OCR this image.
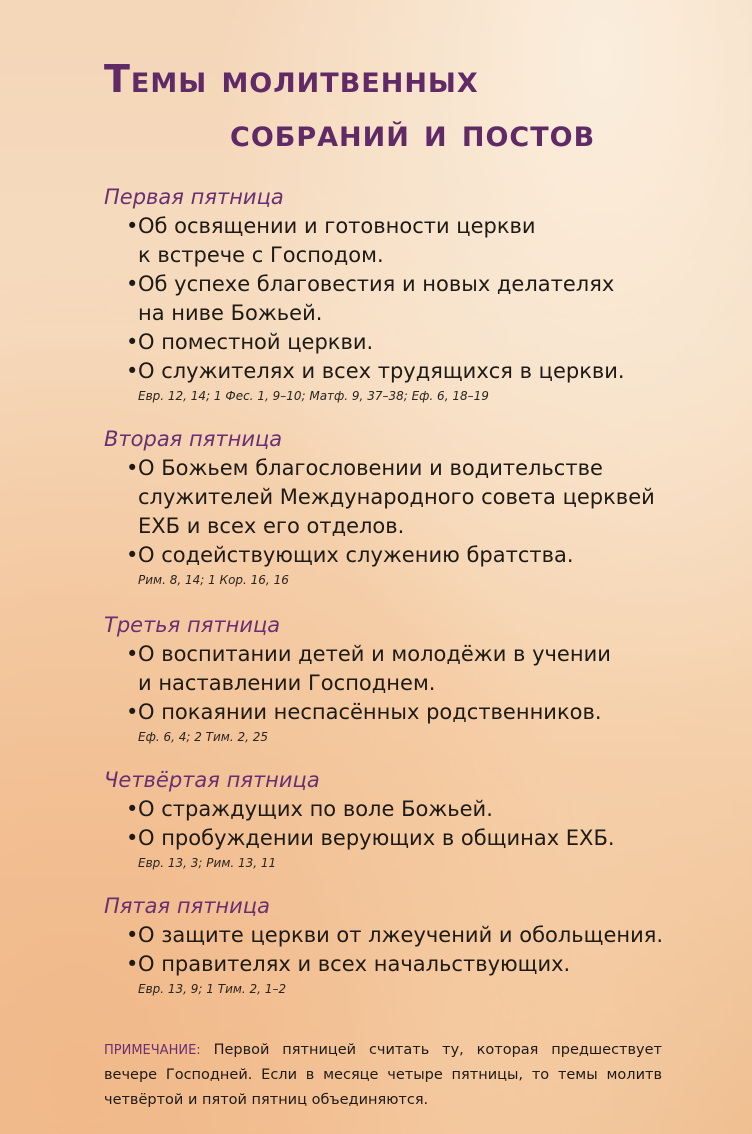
Темы молитвенных
собраний и постов

Первая пятница

• Об освящении и готовности церкви
к встрече с Господом.
• Об успехе благовестия и новых делателях
на ниве Божьей.
• О поместной церкви.
• О служителях и всех трудящихся в церкви.
Евр. 12, 14; 1 Фес. 1, 9–10; Матф. 9, 37–38; Еф. 6, 18–19

Вторая пятница

• О Божьем благословении и водительстве
служителей Международного совета церквей
ЕХБ и всех его отделов.
• О содействующих служению братства.
Рим. 8, 14; 1 Кор. 16, 16

Третья пятница

• О воспитании детей и молодёжи в учении
и наставлении Господнем.
• О покаянии неспасённых родственников.
Еф. 6, 4; 2 Тим. 2, 25

Четвёртая пятница

• О страждущих по воле Божьей.
• О пробуждении верующих в общинах ЕХБ.
Евр. 13, 3; Рим. 13, 11

Пятая пятница

• О защите церкви от лжеучений и обольщения.
• О правителях и всех начальствующих.
Евр. 13, 9; 1 Тим. 2, 1–2
ПРИМЕЧАНИЕ: Первой пятницей считать ту, которая предшествует вечере Господней. Если в месяце четыре пятницы, то темы молитв четвёртой и пятой пятниц объединяются.
